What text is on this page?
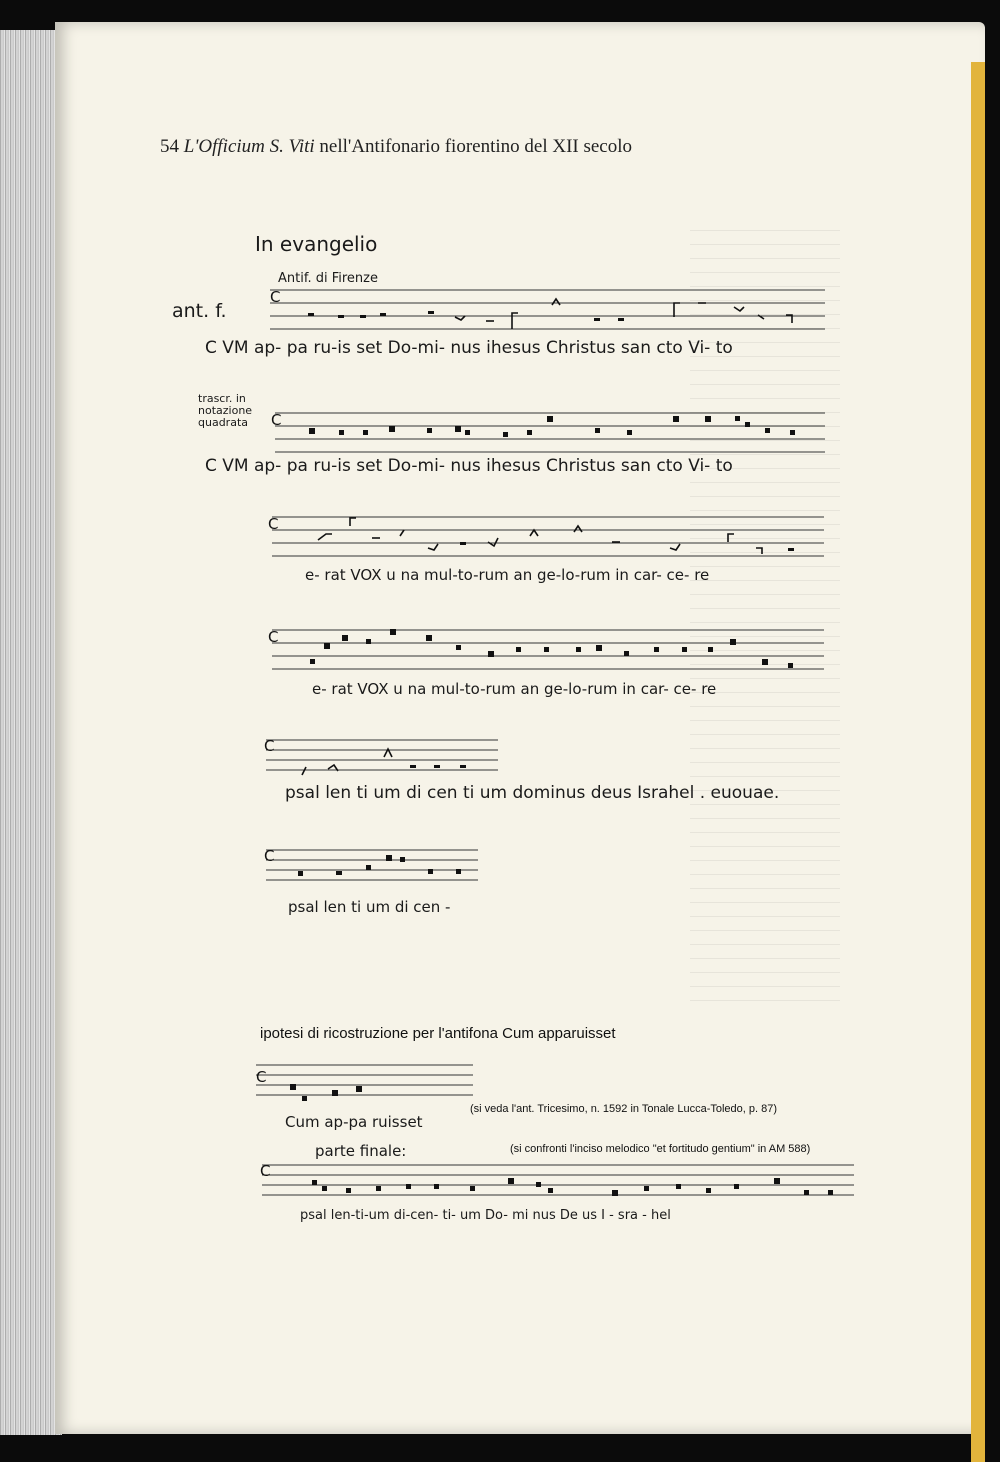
54 L'Officium S. Viti nell'Antifonario fiorentino del XII secolo
In evangelio
Antif. di Firenze
ant. f.
trascr. in
notazione
quadrata
C
C VM ap- pa ru-is set Do-mi- nus ihesus Christus san cto Vi- to
C
C VM ap- pa ru-is set Do-mi- nus ihesus Christus san cto Vi- to
C
e- rat VOX u na mul-to-rum an ge-lo-rum in car- ce- re
C
e- rat VOX u na mul-to-rum an ge-lo-rum in car- ce- re
C
psal len ti um di cen ti um dominus deus Israhel . euouae.
C
psal len ti um di cen -
ipotesi di ricostruzione per l'antifona Cum apparuisset
C
(si veda l'ant. Tricesimo, n. 1592 in Tonale Lucca-Toledo, p. 87)
Cum ap-pa ruisset
parte finale:	(si confronti l'inciso melodico "et fortitudo gentium" in AM 588)
C
psal len-ti-um di-cen- ti- um Do- mi nus De us I - sra - hel
